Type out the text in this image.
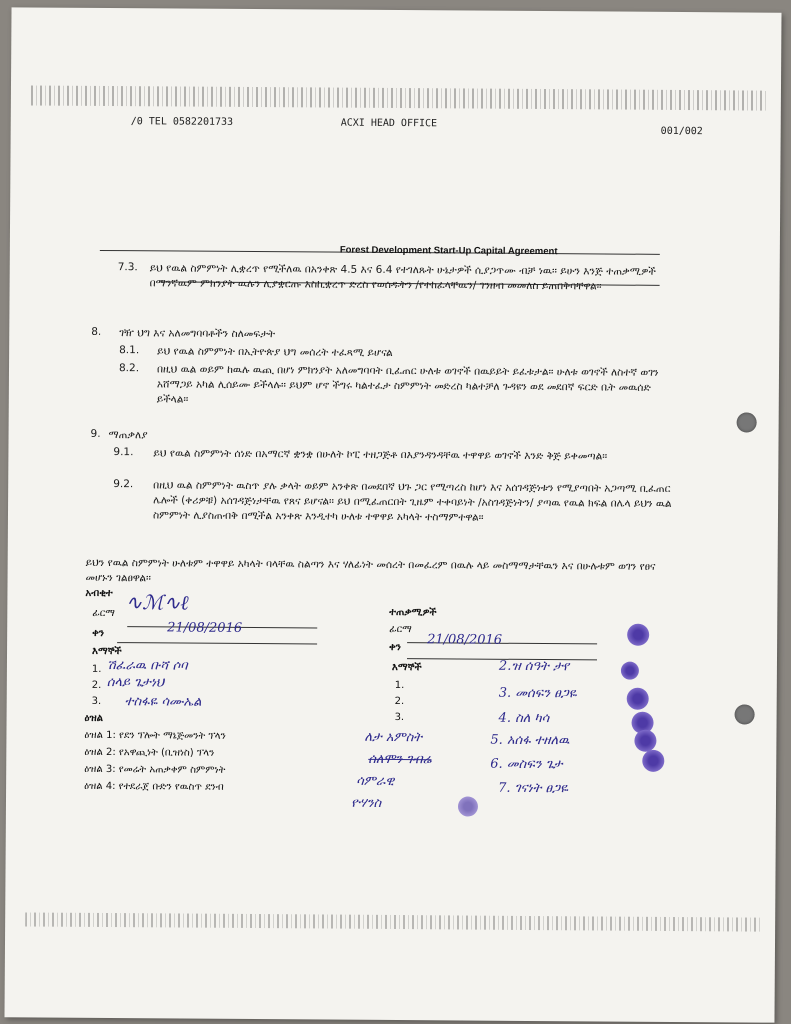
/0 TEL 0582201733	ACXI HEAD OFFICE
001/002
Forest Development Start-Up Capital Agreement
7.3. ይህ የዉል ስምምነት ሊቋረጥ የሚችለዉ በአንቀጽ 4.5 እና 6.4 የተገለጹት ሁኔታዎች ሲያጋጥሙ ብቻ ነዉ። ይሁን እንጅ ተጠቃሚዎች በማንኛዉም ምክንያት ዉሉን ሊያቋርጡ እስኪቋረጥ ድረስ የወሰዱትን /የተከፈላቸዉን/ ገንዘብ መመለስ ይጠበቅባቸዋል።
8. ገዥ ህግ እና አለመግባባቶችን ስለመፍታት
8.1. ይህ የዉል ስምምነት በኢትዮጵያ ህግ መሰረት ተፈጻሚ ይሆናል
8.2. በዚህ ዉል ወይም ከዉሉ ዉጪ በሆነ ምክንያት አለመግባባት ቢፈጠር ሁለቱ ወገኖች በዉይይት ይፈቱታል። ሁለቱ ወገኖች ለስተኛ ወገን አሸማጋይ አካል ሊሰይሙ ይችላሉ። ይህም ሆኖ ችግሩ ካልተፈታ ስምምነት መድረስ ካልተቻለ ጉዳዩን ወደ መደበኛ ፍርድ ቤት መዉሰድ ይችላል።
9. ማጠቃለያ
9.1. ይህ የዉል ስምምነት ሰነድ በአማርኛ ቋንቋ በሁለት ኮፒ ተዘጋጅቶ በእያንዳንዳቸዉ ተዋዋይ ወገኖች እንድ ቅጅ ይቀመጣል።
9.2. በዚህ ዉል ስምምነት ዉስጥ ያሉ ቃላት ወይም አንቀጽ በመደበኛ ህጉ ጋር የሚጣረስ ከሆነ እና አሰገዳጅነቱን የሚያጣበት አጋጣሚ ቢፈጠር ሌሎች (ቀሪዎቹ) አሰገዳጅነታቸዉ የጸና ይሆናል። ይህ በሚፈጠርበት ጊዜም ተቀባይነት /አስገዳጅነትን/ ያጣዉ የዉል ክፍል በሌላ ይህን ዉል ስምምነት ሊያስጠብቅ በሚችል አንቀጽ እንዲተካ ሁለቱ ተዋዋይ አካላት ተስማምተዋል።
ይህን የዉል ስምምነት ሁለቱም ተዋዋይ አካላት ባላቸዉ ስልጣን እና ሃለፊነት መሰረት በመፈረም በዉሉ ላይ መስማማታቸዉን እና በሁሉቱም ወገን የፀና መሆኑን ገልፀዋል።
አብቂተ
ፊርማ ∿ℳ∿ℓ
ቀን	21/08/2016
እማኞች
1.
2.
3.
ሽፈራዉ ቡሻ ሶባ
ሰላይ ጌታነህ
ተስፋዬ ሳሙኤል
ዕዝል
ዕዝል 1: የደን ፕሎት ማኔጅመንት ፕላን
ዕዝል 2: የአዋጪነት (ቢዝነስ) ፕላን
ዕዝል 3: የመሬት አጠቃቀም ስምምነት
ዕዝል 4: የተደራጀ ቡድን የዉስጥ ደንብ
ተጠቃሚዎች
ፊርማ
ቀን 21/08/2016
እማኞች
1.
2.
3.
2.ዝ ሰዓት ታየ
3. መሰፍን ፀጋዬ
4. ስለ ካሳ
5. አሰፋ ተዘለዉ
6. መስፍን ጌታ
7. ገናነት ፀጋዬ
ለታ አምስት
ሰለሞን ገብሬ
ሳምራዊ
ዮሃንስ
